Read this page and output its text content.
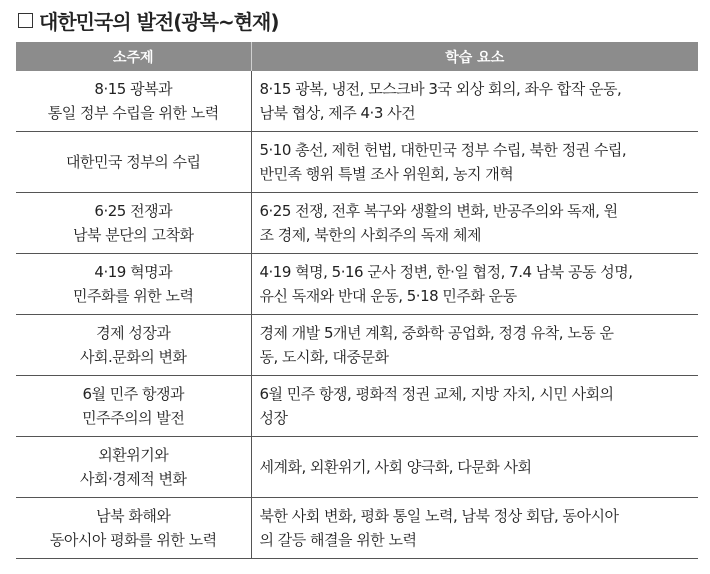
대한민국의 발전(광복~현재)
소주제	학습 요소

8·15 광복과
통일 정부 수립을 위한 노력	8·15 광복, 냉전, 모스크바 3국 외상 회의, 좌우 합작 운동,
남북 협상, 제주 4·3 사건

대한민국 정부의 수립	5·10 총선, 제헌 헌법, 대한민국 정부 수립, 북한 정권 수립,
반민족 행위 특별 조사 위원회, 농지 개혁

6·25 전쟁과
남북 분단의 고착화	6·25 전쟁, 전후 복구와 생활의 변화, 반공주의와 독재, 원
조 경제, 북한의 사회주의 독재 체제

4·19 혁명과
민주화를 위한 노력	4·19 혁명, 5·16 군사 정변, 한·일 협정, 7.4 남북 공동 성명,
유신 독재와 반대 운동, 5·18 민주화 운동

경제 성장과
사회.문화의 변화	경제 개발 5개년 계획, 중화학 공업화, 정경 유착, 노동 운
동, 도시화, 대중문화

6월 민주 항쟁과
민주주의의 발전	6월 민주 항쟁, 평화적 정권 교체, 지방 자치, 시민 사회의
성장

외환위기와
사회·경제적 변화	세계화, 외환위기, 사회 양극화, 다문화 사회

남북 화해와
동아시아 평화를 위한 노력	북한 사회 변화, 평화 통일 노력, 남북 정상 회담, 동아시아
의 갈등 해결을 위한 노력
